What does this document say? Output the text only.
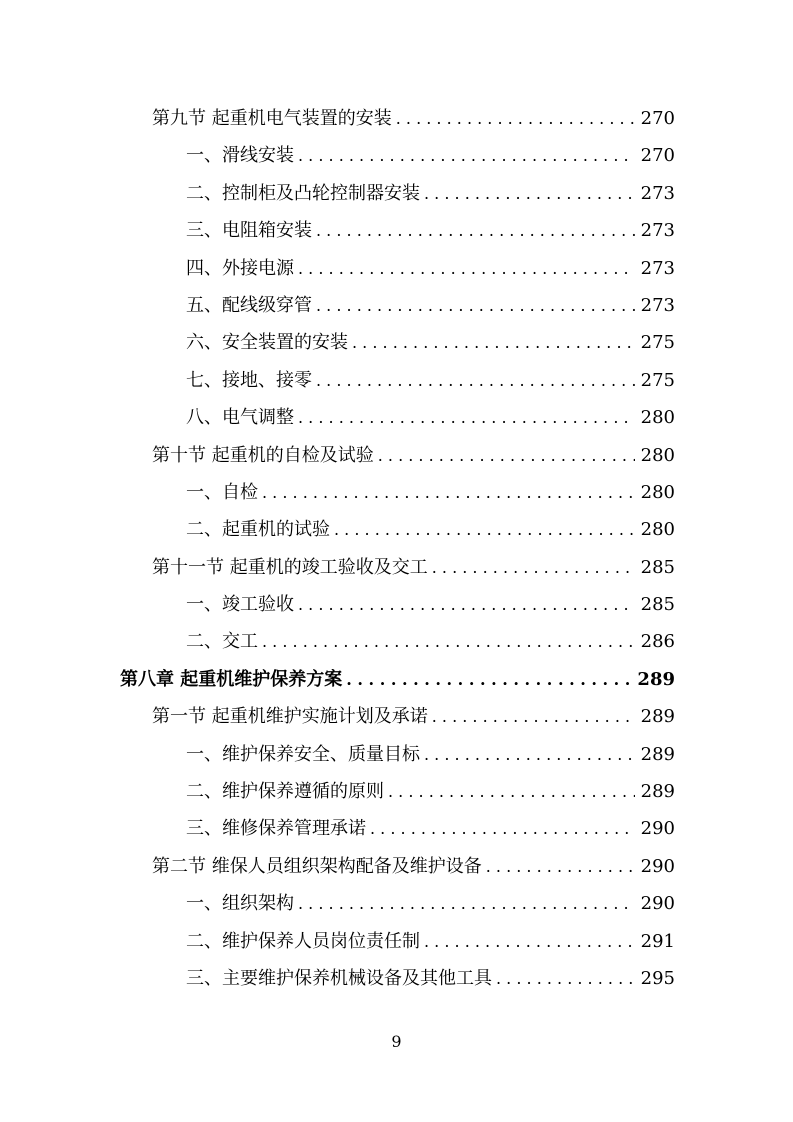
第九节 起重机电气装置的安装 . . .	270
一、滑线安装 . . .	270
二、控制柜及凸轮控制器安装 . . .	273
三、电阻箱安装 . . .	273
四、外接电源 . . .	273
五、配线级穿管 . . .	273
六、安全装置的安装 . . .	275
七、接地、接零 . . .	275
八、电气调整 . . .	280
第十节 起重机的自检及试验 . . .	280
一、自检 . . .	280
二、起重机的试验 . . .	280
第十一节 起重机的竣工验收及交工 . . .	285
一、竣工验收 . . .	285
二、交工 . . .	286
第八章 起重机维护保养方案 . . .	289
第一节 起重机维护实施计划及承诺 . . .	289
一、维护保养安全、质量目标 . . .	289
二、维护保养遵循的原则 . . .	289
三、维修保养管理承诺 . . .	290
第二节 维保人员组织架构配备及维护设备 . . .	290
一、组织架构 . . .	290
二、维护保养人员岗位责任制 . . .	291
三、主要维护保养机械设备及其他工具 . . .	295
9
